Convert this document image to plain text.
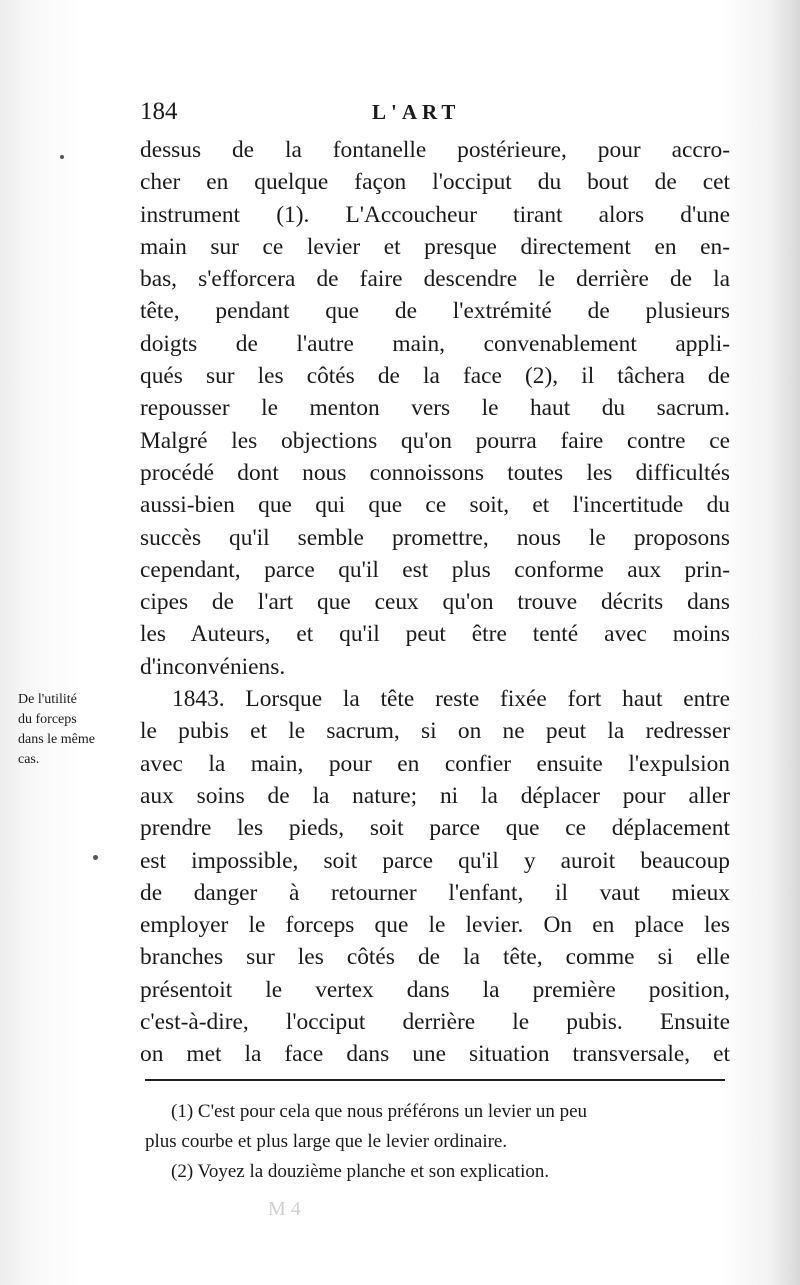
184	L'ART
dessus de la fontanelle postérieure, pour accro-
cher en quelque façon l'occiput du bout de cet
instrument (1). L'Accoucheur tirant alors d'une
main sur ce levier et presque directement en en-
bas, s'efforcera de faire descendre le derrière de la
tête, pendant que de l'extrémité de plusieurs
doigts de l'autre main, convenablement appli-
qués sur les côtés de la face (2), il tâchera de
repousser le menton vers le haut du sacrum.
Malgré les objections qu'on pourra faire contre ce
procédé dont nous connoissons toutes les difficultés
aussi-bien que qui que ce soit, et l'incertitude du
succès qu'il semble promettre, nous le proposons
cependant, parce qu'il est plus conforme aux prin-
cipes de l'art que ceux qu'on trouve décrits dans
les Auteurs, et qu'il peut être tenté avec moins
d'inconvéniens.
1843. Lorsque la tête reste fixée fort haut entre
le pubis et le sacrum, si on ne peut la redresser
avec la main, pour en confier ensuite l'expulsion
aux soins de la nature; ni la déplacer pour aller
prendre les pieds, soit parce que ce déplacement
est impossible, soit parce qu'il y auroit beaucoup
de danger à retourner l'enfant, il vaut mieux
employer le forceps que le levier. On en place les
branches sur les côtés de la tête, comme si elle
présentoit le vertex dans la première position,
c'est-à-dire, l'occiput derrière le pubis. Ensuite
on met la face dans une situation transversale, et
De l'utilité
du forceps
dans le même
cas.
(1) C'est pour cela que nous préférons un levier un peu
plus courbe et plus large que le levier ordinaire.
(2) Voyez la douzième planche et son explication.
M 4
